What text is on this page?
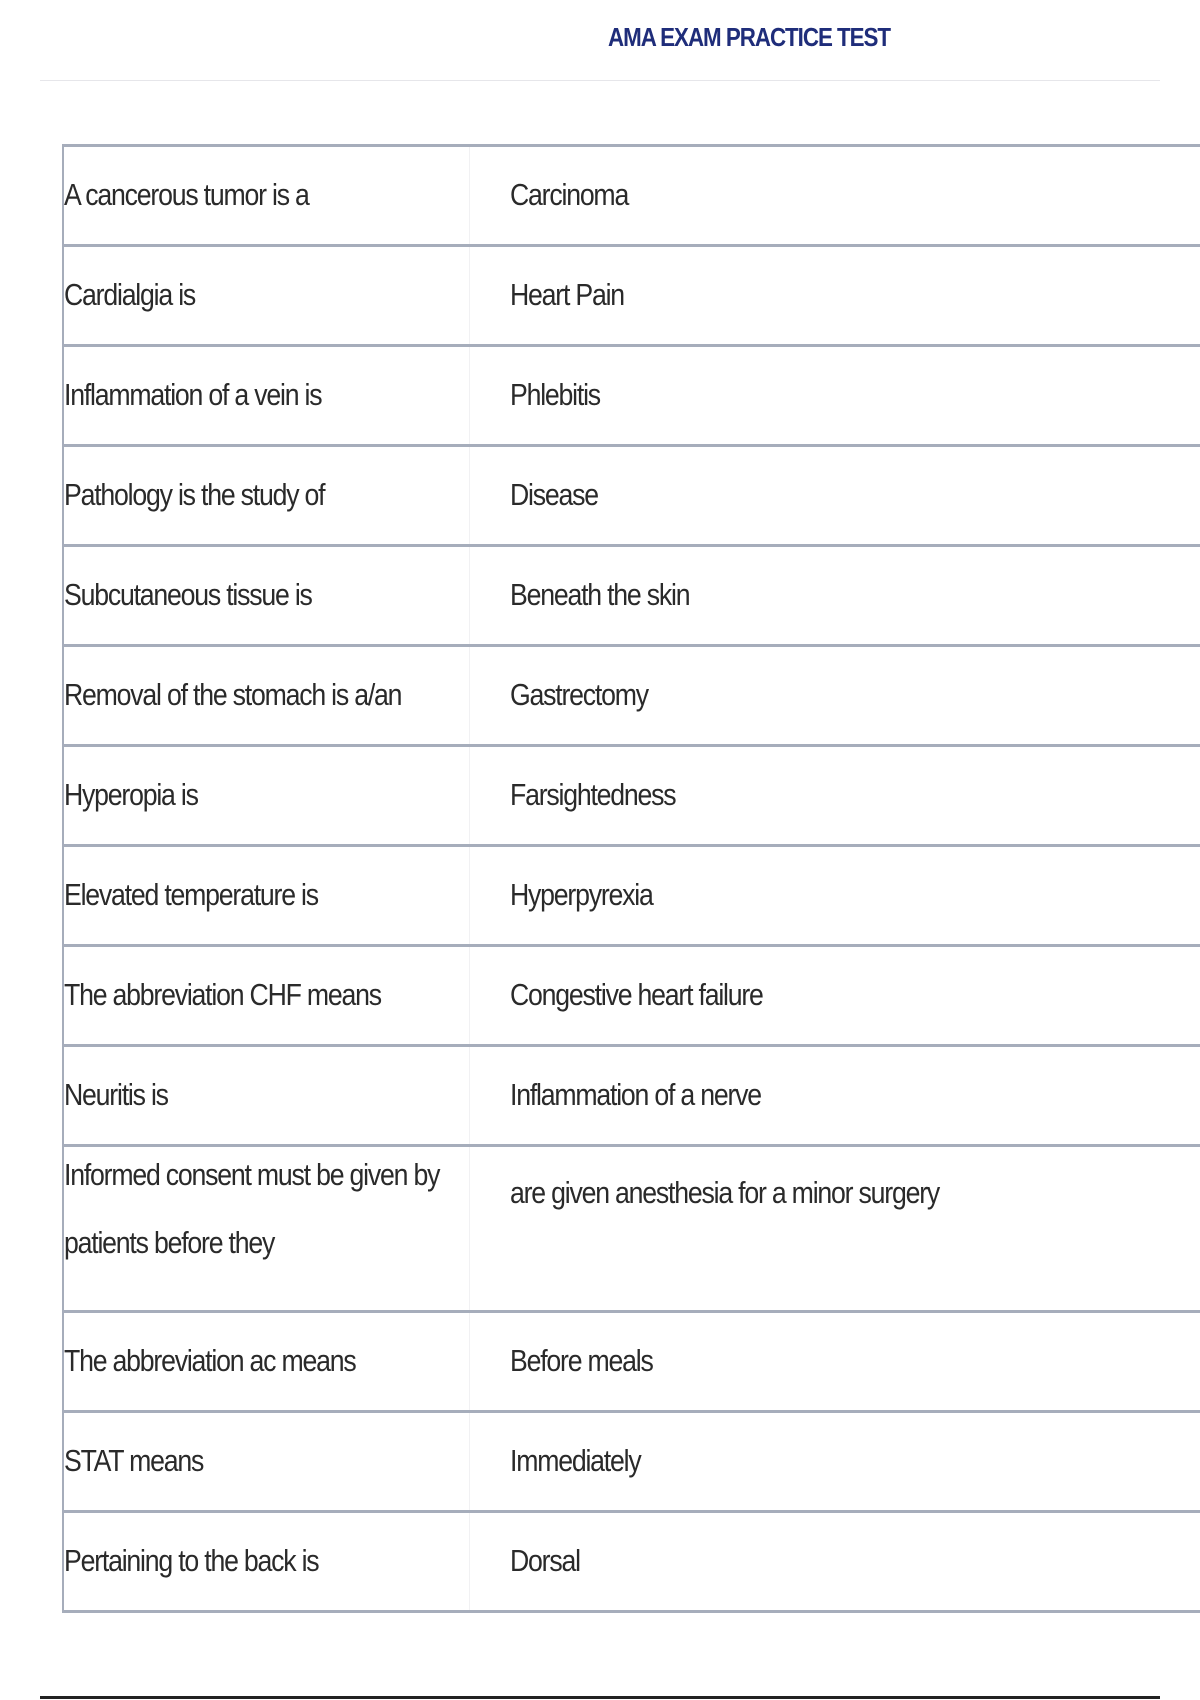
AMA EXAM PRACTICE TEST
A cancerous tumor is a	Carcinoma
Cardialgia is	Heart Pain
Inflammation of a vein is	Phlebitis
Pathology is the study of	Disease
Subcutaneous tissue is	Beneath the skin
Removal of the stomach is a/an	Gastrectomy
Hyperopia is	Farsightedness
Elevated temperature is	Hyperpyrexia
The abbreviation CHF means	Congestive heart failure
Neuritis is	Inflammation of a nerve

Informed consent must be given by
patients before they	are given anesthesia for a minor surgery
The abbreviation ac means	Before meals
STAT means	Immediately
Pertaining to the back is	Dorsal
